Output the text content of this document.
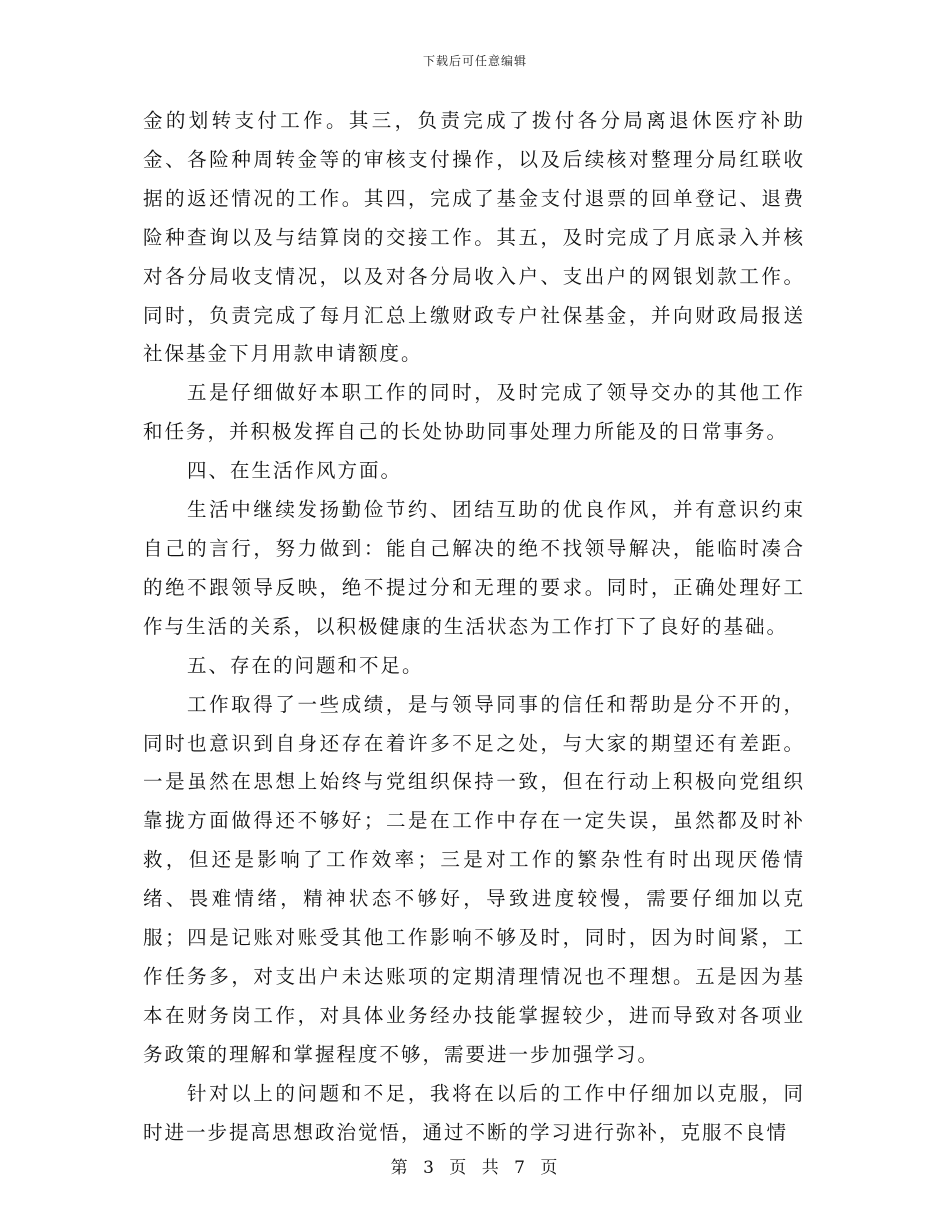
下载后可任意编辑

金的划转支付工作。其三，负责完成了拨付各分局离退休医疗补助金、各险种周转金等的审核支付操作，以及后续核对整理分局红联收据的返还情况的工作。其四，完成了基金支付退票的回单登记、退费险种查询以及与结算岗的交接工作。其五，及时完成了月底录入并核对各分局收支情况，以及对各分局收入户、支出户的网银划款工作。同时，负责完成了每月汇总上缴财政专户社保基金，并向财政局报送社保基金下月用款申请额度。

五是仔细做好本职工作的同时，及时完成了领导交办的其他工作和任务，并积极发挥自己的长处协助同事处理力所能及的日常事务。

四、在生活作风方面。

生活中继续发扬勤俭节约、团结互助的优良作风，并有意识约束自己的言行，努力做到：能自己解决的绝不找领导解决，能临时凑合的绝不跟领导反映，绝不提过分和无理的要求。同时，正确处理好工作与生活的关系，以积极健康的生活状态为工作打下了良好的基础。

五、存在的问题和不足。

工作取得了一些成绩，是与领导同事的信任和帮助是分不开的，同时也意识到自身还存在着许多不足之处，与大家的期望还有差距。一是虽然在思想上始终与党组织保持一致，但在行动上积极向党组织靠拢方面做得还不够好；二是在工作中存在一定失误，虽然都及时补救，但还是影响了工作效率；三是对工作的繁杂性有时出现厌倦情绪、畏难情绪，精神状态不够好，导致进度较慢，需要仔细加以克服；四是记账对账受其他工作影响不够及时，同时，因为时间紧，工作任务多，对支出户未达账项的定期清理情况也不理想。五是因为基本在财务岗工作，对具体业务经办技能掌握较少，进而导致对各项业务政策的理解和掌握程度不够，需要进一步加强学习。

针对以上的问题和不足，我将在以后的工作中仔细加以克服，同时进一步提高思想政治觉悟，通过不断的学习进行弥补，克服不良情

第 3 页 共 7 页
